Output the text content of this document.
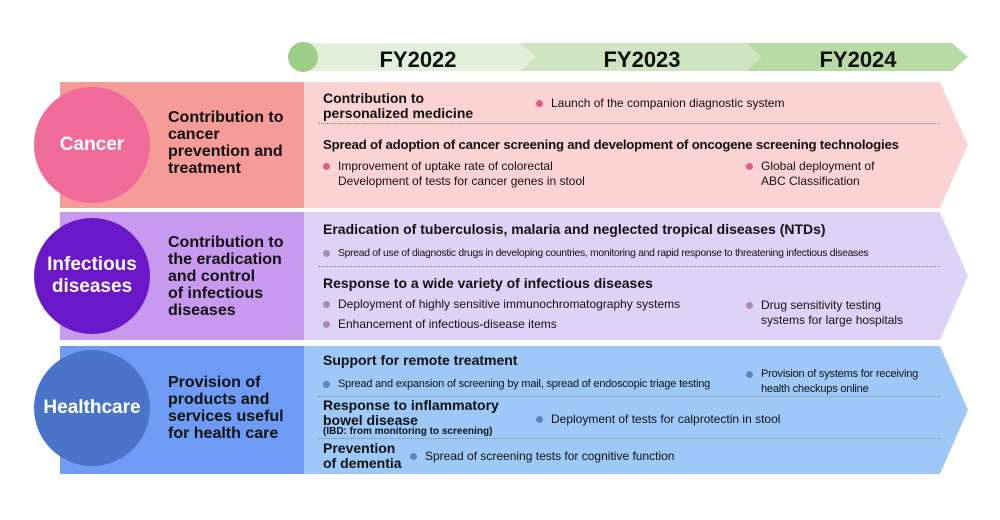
FY2022	FY2023	FY2024
Cancer
Contribution to
cancer
prevention and
treatment
Contribution to
personalized medicine
Launch of the companion diagnostic system
Spread of adoption of cancer screening and development of oncogene screening technologies
Improvement of uptake rate of colorectal
Development of tests for cancer genes in stool
Global deployment of
ABC Classification
Infectious
diseases
Contribution to
the eradication
and control
of infectious
diseases
Eradication of tuberculosis, malaria and neglected tropical diseases (NTDs)
Spread of use of diagnostic drugs in developing countries, monitoring and rapid response to threatening infectious diseases
Response to a wide variety of infectious diseases
Deployment of highly sensitive immunochromatography systems
Enhancement of infectious-disease items
Drug sensitivity testing
systems for large hospitals
Healthcare
Provision of
products and
services useful
for health care
Support for remote treatment
Spread and expansion of screening by mail, spread of endoscopic triage testing
Provision of systems for receiving
health checkups online
Response to inflammatory
bowel disease
(IBD: from monitoring to screening)
Deployment of tests for calprotectin in stool
Prevention
of dementia	Spread of screening tests for cognitive function
